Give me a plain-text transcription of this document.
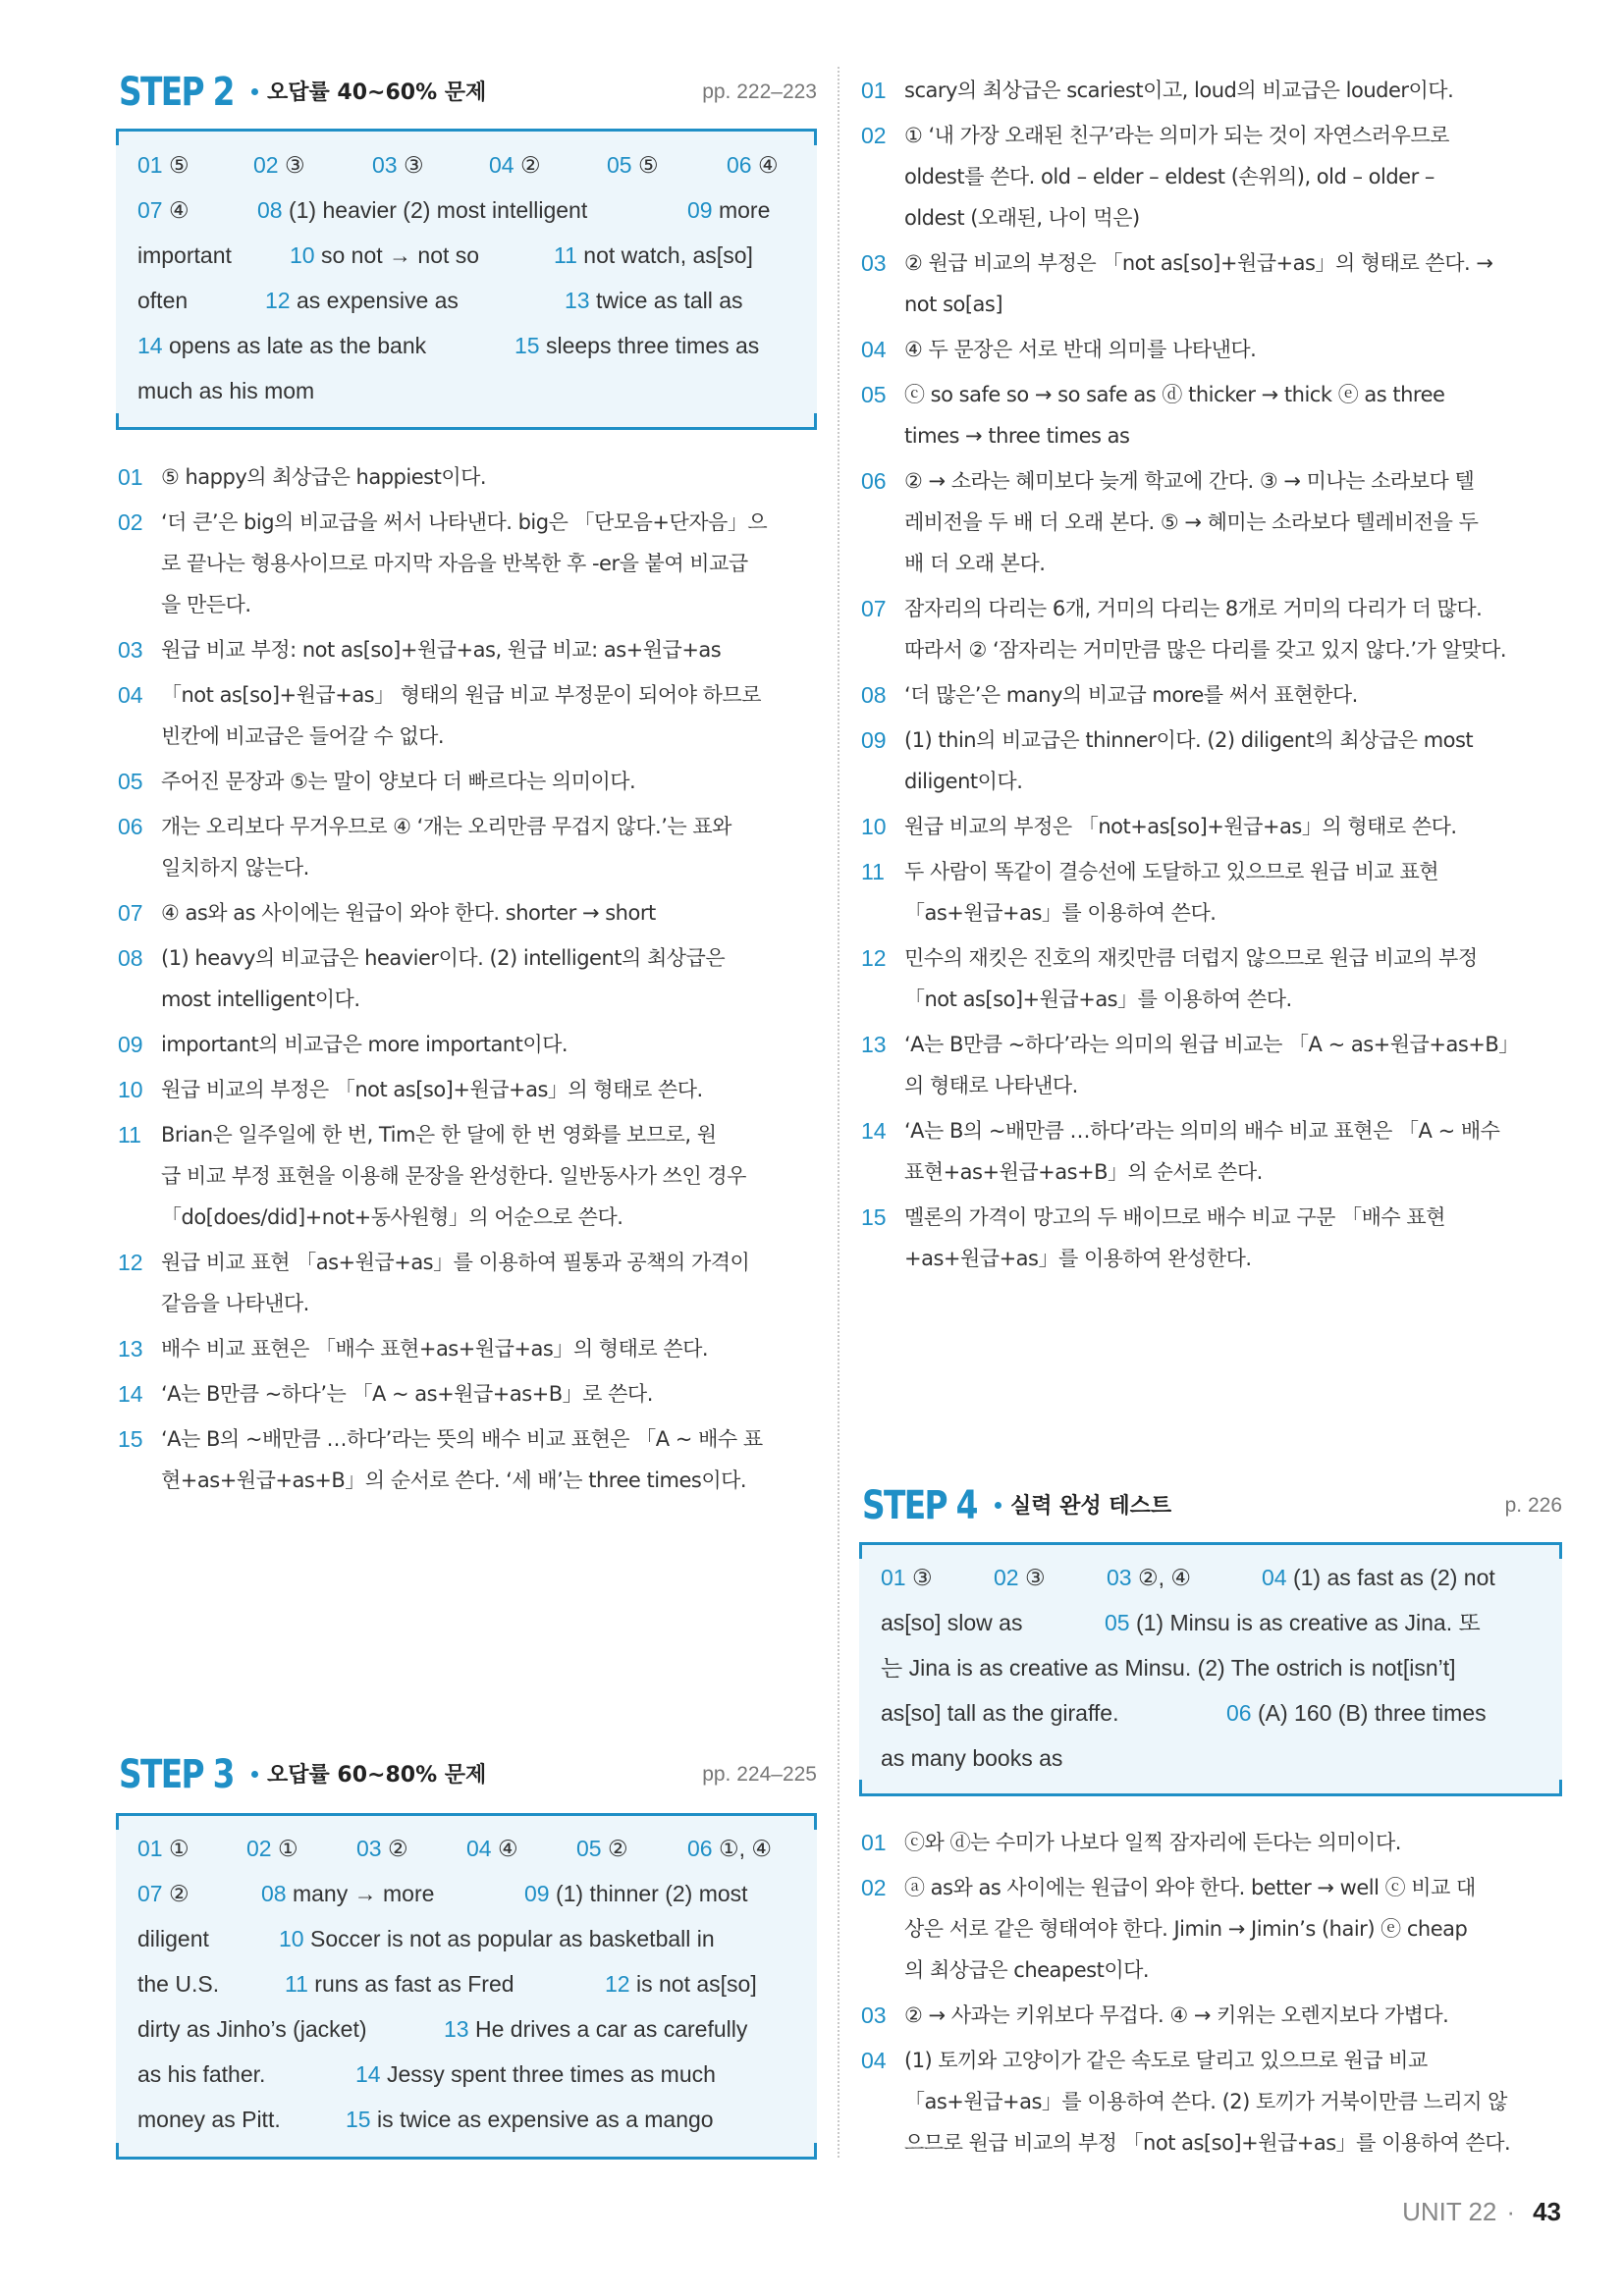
STEP 2 오답률 40~60% 문제	pp. 222–223
01 ⑤	02 ③	03 ③	04 ②	05 ⑤	06 ④
07 ④	08 (1) heavier (2) most intelligent	09 more
important	10 so not → not so	11 not watch, as[so]
often	12 as expensive as	13 twice as tall as
14 opens as late as the bank	15 sleeps three times as
much as his mom
01 ⑤ happy의 최상급은 happiest이다.
02 ‘더 큰’은 big의 비교급을 써서 나타낸다. big은 「단모음+단자음」으
로 끝나는 형용사이므로 마지막 자음을 반복한 후 -er을 붙여 비교급
을 만든다.
03 원급 비교 부정: not as[so]+원급+as, 원급 비교: as+원급+as
04 「not as[so]+원급+as」 형태의 원급 비교 부정문이 되어야 하므로
빈칸에 비교급은 들어갈 수 없다.
05 주어진 문장과 ⑤는 말이 양보다 더 빠르다는 의미이다.
06 개는 오리보다 무거우므로 ④ ‘개는 오리만큼 무겁지 않다.’는 표와
일치하지 않는다.
07 ④ as와 as 사이에는 원급이 와야 한다. shorter → short
08 (1) heavy의 비교급은 heavier이다. (2) intelligent의 최상급은
most intelligent이다.
09 important의 비교급은 more important이다.
10 원급 비교의 부정은 「not as[so]+원급+as」의 형태로 쓴다.
11 Brian은 일주일에 한 번, Tim은 한 달에 한 번 영화를 보므로, 원
급 비교 부정 표현을 이용해 문장을 완성한다. 일반동사가 쓰인 경우
「do[does/did]+not+동사원형」의 어순으로 쓴다.
12 원급 비교 표현 「as+원급+as」를 이용하여 필통과 공책의 가격이
같음을 나타낸다.
13 배수 비교 표현은 「배수 표현+as+원급+as」의 형태로 쓴다.
14 ‘A는 B만큼 ~하다’는 「A ~ as+원급+as+B」로 쓴다.
15 ‘A는 B의 ~배만큼 …하다’라는 뜻의 배수 비교 표현은 「A ~ 배수 표
현+as+원급+as+B」의 순서로 쓴다. ‘세 배’는 three times이다.
STEP 3 오답률 60~80% 문제	pp. 224–225
01 ①	02 ①	03 ②	04 ④	05 ②	06 ①, ④
07 ②	08 many → more	09 (1) thinner (2) most
diligent	10 Soccer is not as popular as basketball in
the U.S.	11 runs as fast as Fred	12 is not as[so]
dirty as Jinho’s (jacket)	13 He drives a car as carefully
as his father.	14 Jessy spent three times as much
money as Pitt.	15 is twice as expensive as a mango
01 scary의 최상급은 scariest이고, loud의 비교급은 louder이다.
02 ① ‘내 가장 오래된 친구’라는 의미가 되는 것이 자연스러우므로
oldest를 쓴다. old – elder – eldest (손위의), old – older –
oldest (오래된, 나이 먹은)
03 ② 원급 비교의 부정은 「not as[so]+원급+as」의 형태로 쓴다. →
not so[as]
04 ④ 두 문장은 서로 반대 의미를 나타낸다.
05 ⓒ so safe so → so safe as ⓓ thicker → thick ⓔ as three
times → three times as
06 ② → 소라는 혜미보다 늦게 학교에 간다. ③ → 미나는 소라보다 텔
레비전을 두 배 더 오래 본다. ⑤ → 혜미는 소라보다 텔레비전을 두
배 더 오래 본다.
07 잠자리의 다리는 6개, 거미의 다리는 8개로 거미의 다리가 더 많다.
따라서 ② ‘잠자리는 거미만큼 많은 다리를 갖고 있지 않다.’가 알맞다.
08 ‘더 많은’은 many의 비교급 more를 써서 표현한다.
09 (1) thin의 비교급은 thinner이다. (2) diligent의 최상급은 most
diligent이다.
10 원급 비교의 부정은 「not+as[so]+원급+as」의 형태로 쓴다.
11 두 사람이 똑같이 결승선에 도달하고 있으므로 원급 비교 표현
「as+원급+as」를 이용하여 쓴다.
12 민수의 재킷은 진호의 재킷만큼 더럽지 않으므로 원급 비교의 부정
「not as[so]+원급+as」를 이용하여 쓴다.
13 ‘A는 B만큼 ~하다’라는 의미의 원급 비교는 「A ~ as+원급+as+B」
의 형태로 나타낸다.
14 ‘A는 B의 ~배만큼 …하다’라는 의미의 배수 비교 표현은 「A ~ 배수
표현+as+원급+as+B」의 순서로 쓴다.
15 멜론의 가격이 망고의 두 배이므로 배수 비교 구문 「배수 표현
+as+원급+as」를 이용하여 완성한다.
STEP 4 실력 완성 테스트	p. 226
01 ③	02 ③	03 ②, ④	04 (1) as fast as (2) not
as[so] slow as	05 (1) Minsu is as creative as Jina. 또
는 Jina is as creative as Minsu. (2) The ostrich is not[isn’t]
as[so] tall as the giraffe.	06 (A) 160 (B) three times
as many books as
01 ⓒ와 ⓓ는 수미가 나보다 일찍 잠자리에 든다는 의미이다.
02 ⓐ as와 as 사이에는 원급이 와야 한다. better → well ⓒ 비교 대
상은 서로 같은 형태여야 한다. Jimin → Jimin’s (hair) ⓔ cheap
의 최상급은 cheapest이다.
03 ② → 사과는 키위보다 무겁다. ④ → 키위는 오렌지보다 가볍다.
04 (1) 토끼와 고양이가 같은 속도로 달리고 있으므로 원급 비교
「as+원급+as」를 이용하여 쓴다. (2) 토끼가 거북이만큼 느리지 않
으므로 원급 비교의 부정 「not as[so]+원급+as」를 이용하여 쓴다.
UNIT 22 · 43
